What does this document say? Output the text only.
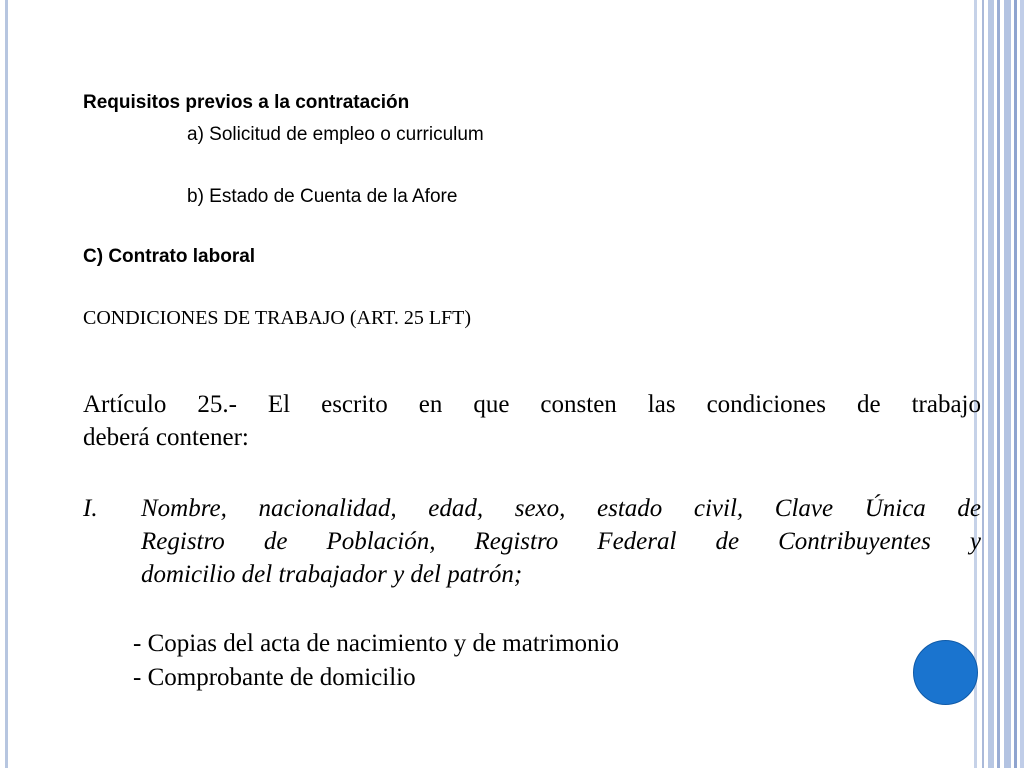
Requisitos previos a la contratación
a) Solicitud de empleo o curriculum
b) Estado de Cuenta de la Afore
C) Contrato laboral
CONDICIONES DE TRABAJO (ART. 25 LFT)
Artículo 25.- El escrito en que consten las condiciones de trabajo
deberá contener:
I. Nombre, nacionalidad, edad, sexo, estado civil, Clave Única de
Registro de Población, Registro Federal de Contribuyentes y
domicilio del trabajador y del patrón;
- Copias del acta de nacimiento y de matrimonio
- Comprobante de domicilio
